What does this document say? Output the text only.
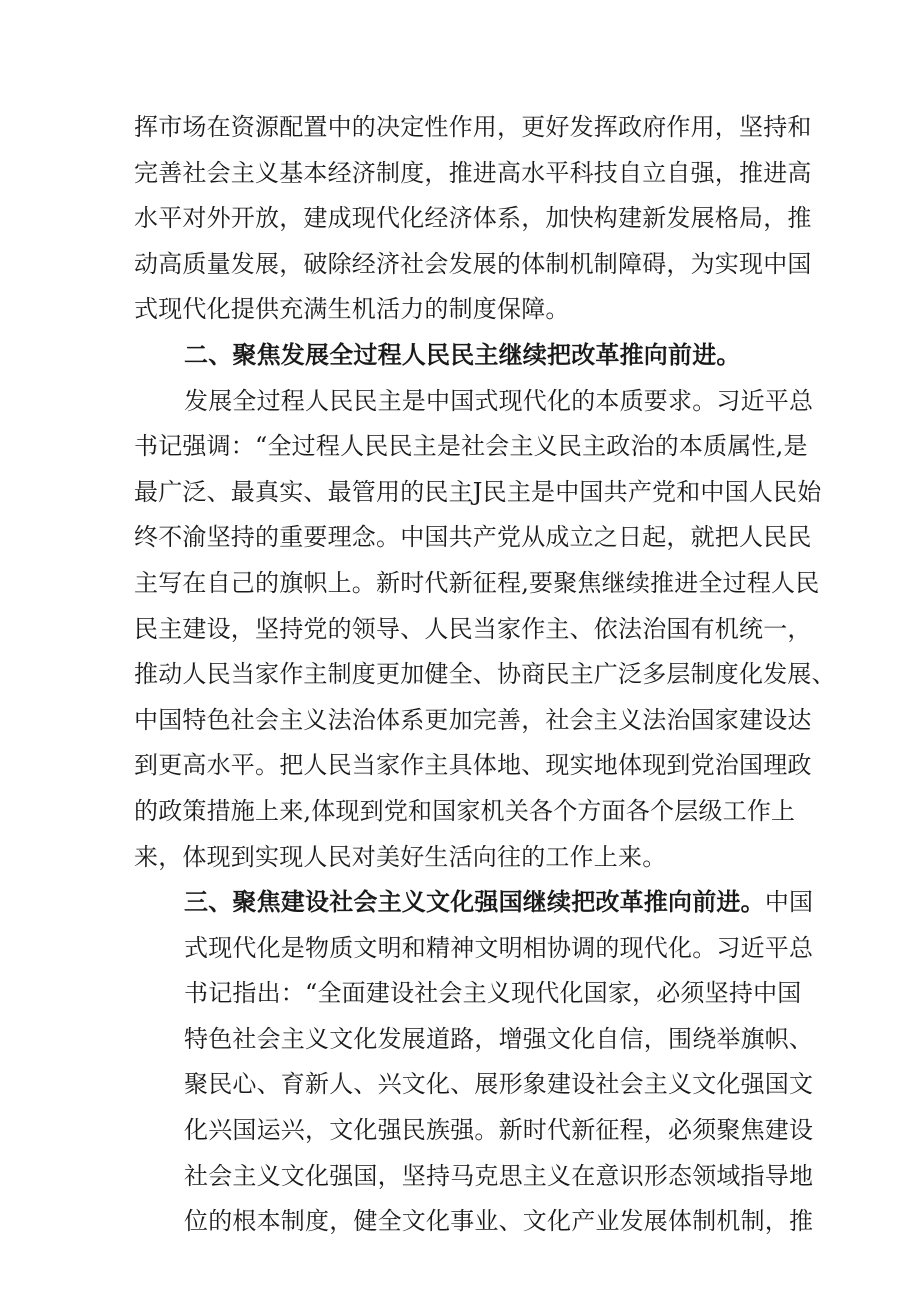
挥市场在资源配置中的决定性作用，更好发挥政府作用，坚持和
完善社会主义基本经济制度，推进高水平科技自立自强，推进高
水平对外开放，建成现代化经济体系，加快构建新发展格局，推
动高质量发展，破除经济社会发展的体制机制障碍，为实现中国
式现代化提供充满生机活力的制度保障。
二、聚焦发展全过程人民民主继续把改革推向前进。
发展全过程人民民主是中国式现代化的本质要求。习近平总
书记强调：“全过程人民民主是社会主义民主政治的本质属性,是
最广泛、最真实、最管用的民主J民主是中国共产党和中国人民始
终不渝坚持的重要理念。中国共产党从成立之日起，就把人民民
主写在自己的旗帜上。新时代新征程,要聚焦继续推进全过程人民
民主建设，坚持党的领导、人民当家作主、依法治国有机统一，
推动人民当家作主制度更加健全、协商民主广泛多层制度化发展、
中国特色社会主义法治体系更加完善，社会主义法治国家建设达
到更高水平。把人民当家作主具体地、现实地体现到党治国理政
的政策措施上来,体现到党和国家机关各个方面各个层级工作上
来，体现到实现人民对美好生活向往的工作上来。
三、聚焦建设社会主义文化强国继续把改革推向前进。中国
式现代化是物质文明和精神文明相协调的现代化。习近平总
书记指出：“全面建设社会主义现代化国家，必须坚持中国
特色社会主义文化发展道路，增强文化自信，围绕举旗帜、
聚民心、育新人、兴文化、展形象建设社会主义文化强国文
化兴国运兴，文化强民族强。新时代新征程，必须聚焦建设
社会主义文化强国，坚持马克思主义在意识形态领域指导地
位的根本制度，健全文化事业、文化产业发展体制机制，推
